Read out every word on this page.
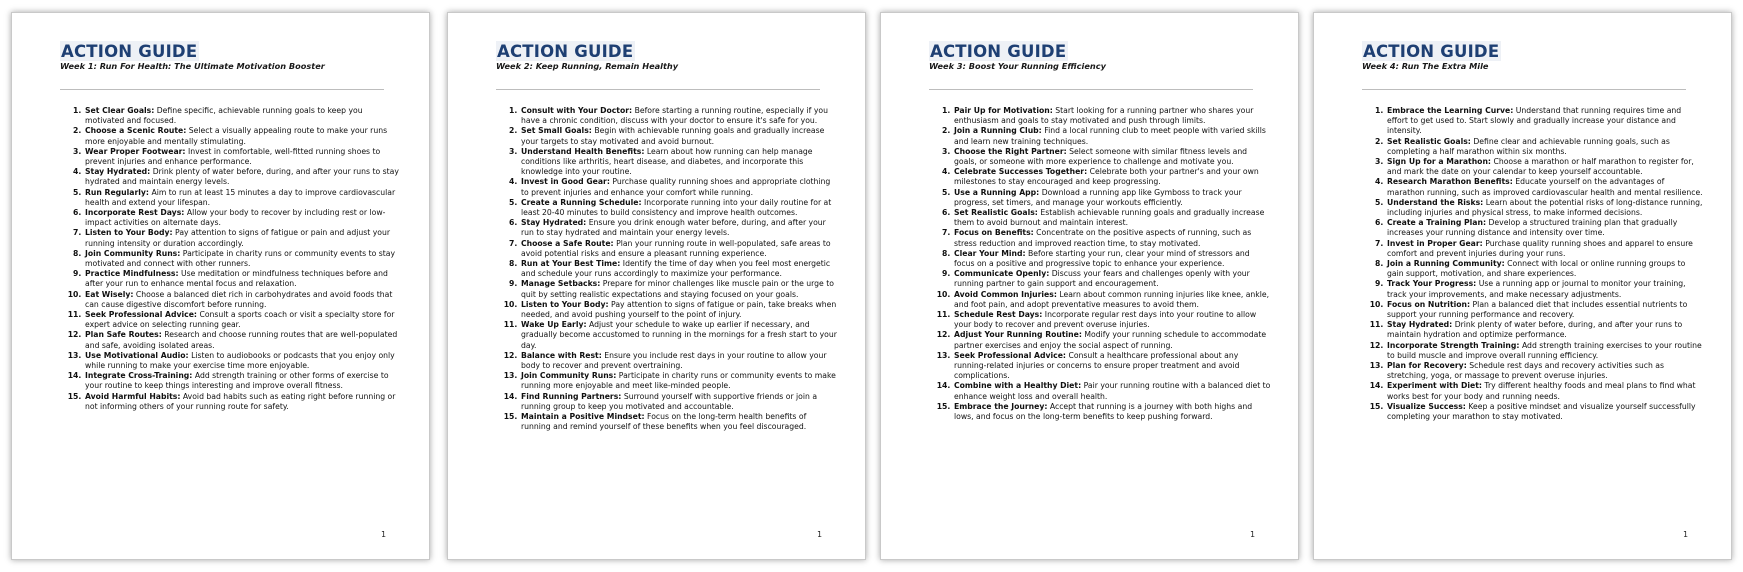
ACTION GUIDE
Week 1: Run For Health: The Ultimate Motivation Booster
1. Set Clear Goals: Define specific, achievable running goals to keep you motivated and focused.
2. Choose a Scenic Route: Select a visually appealing route to make your runs more enjoyable and mentally stimulating.
3. Wear Proper Footwear: Invest in comfortable, well-fitted running shoes to prevent injuries and enhance performance.
4. Stay Hydrated: Drink plenty of water before, during, and after your runs to stay hydrated and maintain energy levels.
5. Run Regularly: Aim to run at least 15 minutes a day to improve cardiovascular health and extend your lifespan.
6. Incorporate Rest Days: Allow your body to recover by including rest or low-impact activities on alternate days.
7. Listen to Your Body: Pay attention to signs of fatigue or pain and adjust your running intensity or duration accordingly.
8. Join Community Runs: Participate in charity runs or community events to stay motivated and connect with other runners.
9. Practice Mindfulness: Use meditation or mindfulness techniques before and after your run to enhance mental focus and relaxation.
10. Eat Wisely: Choose a balanced diet rich in carbohydrates and avoid foods that can cause digestive discomfort before running.
11. Seek Professional Advice: Consult a sports coach or visit a specialty store for expert advice on selecting running gear.
12. Plan Safe Routes: Research and choose running routes that are well-populated and safe, avoiding isolated areas.
13. Use Motivational Audio: Listen to audiobooks or podcasts that you enjoy only while running to make your exercise time more enjoyable.
14. Integrate Cross-Training: Add strength training or other forms of exercise to your routine to keep things interesting and improve overall fitness.
15. Avoid Harmful Habits: Avoid bad habits such as eating right before running or not informing others of your running route for safety.
1
ACTION GUIDE
Week 2: Keep Running, Remain Healthy
1. Consult with Your Doctor: Before starting a running routine, especially if you have a chronic condition, discuss with your doctor to ensure it's safe for you.
2. Set Small Goals: Begin with achievable running goals and gradually increase your targets to stay motivated and avoid burnout.
3. Understand Health Benefits: Learn about how running can help manage conditions like arthritis, heart disease, and diabetes, and incorporate this knowledge into your routine.
4. Invest in Good Gear: Purchase quality running shoes and appropriate clothing to prevent injuries and enhance your comfort while running.
5. Create a Running Schedule: Incorporate running into your daily routine for at least 20-40 minutes to build consistency and improve health outcomes.
6. Stay Hydrated: Ensure you drink enough water before, during, and after your run to stay hydrated and maintain your energy levels.
7. Choose a Safe Route: Plan your running route in well-populated, safe areas to avoid potential risks and ensure a pleasant running experience.
8. Run at Your Best Time: Identify the time of day when you feel most energetic and schedule your runs accordingly to maximize your performance.
9. Manage Setbacks: Prepare for minor challenges like muscle pain or the urge to quit by setting realistic expectations and staying focused on your goals.
10. Listen to Your Body: Pay attention to signs of fatigue or pain, take breaks when needed, and avoid pushing yourself to the point of injury.
11. Wake Up Early: Adjust your schedule to wake up earlier if necessary, and gradually become accustomed to running in the mornings for a fresh start to your day.
12. Balance with Rest: Ensure you include rest days in your routine to allow your body to recover and prevent overtraining.
13. Join Community Runs: Participate in charity runs or community events to make running more enjoyable and meet like-minded people.
14. Find Running Partners: Surround yourself with supportive friends or join a running group to keep you motivated and accountable.
15. Maintain a Positive Mindset: Focus on the long-term health benefits of running and remind yourself of these benefits when you feel discouraged.
1
ACTION GUIDE
Week 3: Boost Your Running Efficiency
1. Pair Up for Motivation: Start looking for a running partner who shares your enthusiasm and goals to stay motivated and push through limits.
2. Join a Running Club: Find a local running club to meet people with varied skills and learn new training techniques.
3. Choose the Right Partner: Select someone with similar fitness levels and goals, or someone with more experience to challenge and motivate you.
4. Celebrate Successes Together: Celebrate both your partner's and your own milestones to stay encouraged and keep progressing.
5. Use a Running App: Download a running app like Gymboss to track your progress, set timers, and manage your workouts efficiently.
6. Set Realistic Goals: Establish achievable running goals and gradually increase them to avoid burnout and maintain interest.
7. Focus on Benefits: Concentrate on the positive aspects of running, such as stress reduction and improved reaction time, to stay motivated.
8. Clear Your Mind: Before starting your run, clear your mind of stressors and focus on a positive and progressive topic to enhance your experience.
9. Communicate Openly: Discuss your fears and challenges openly with your running partner to gain support and encouragement.
10. Avoid Common Injuries: Learn about common running injuries like knee, ankle, and foot pain, and adopt preventative measures to avoid them.
11. Schedule Rest Days: Incorporate regular rest days into your routine to allow your body to recover and prevent overuse injuries.
12. Adjust Your Running Routine: Modify your running schedule to accommodate partner exercises and enjoy the social aspect of running.
13. Seek Professional Advice: Consult a healthcare professional about any running-related injuries or concerns to ensure proper treatment and avoid complications.
14. Combine with a Healthy Diet: Pair your running routine with a balanced diet to enhance weight loss and overall health.
15. Embrace the Journey: Accept that running is a journey with both highs and lows, and focus on the long-term benefits to keep pushing forward.
1
ACTION GUIDE
Week 4: Run The Extra Mile
1. Embrace the Learning Curve: Understand that running requires time and effort to get used to. Start slowly and gradually increase your distance and intensity.
2. Set Realistic Goals: Define clear and achievable running goals, such as completing a half marathon within six months.
3. Sign Up for a Marathon: Choose a marathon or half marathon to register for, and mark the date on your calendar to keep yourself accountable.
4. Research Marathon Benefits: Educate yourself on the advantages of marathon running, such as improved cardiovascular health and mental resilience.
5. Understand the Risks: Learn about the potential risks of long-distance running, including injuries and physical stress, to make informed decisions.
6. Create a Training Plan: Develop a structured training plan that gradually increases your running distance and intensity over time.
7. Invest in Proper Gear: Purchase quality running shoes and apparel to ensure comfort and prevent injuries during your runs.
8. Join a Running Community: Connect with local or online running groups to gain support, motivation, and share experiences.
9. Track Your Progress: Use a running app or journal to monitor your training, track your improvements, and make necessary adjustments.
10. Focus on Nutrition: Plan a balanced diet that includes essential nutrients to support your running performance and recovery.
11. Stay Hydrated: Drink plenty of water before, during, and after your runs to maintain hydration and optimize performance.
12. Incorporate Strength Training: Add strength training exercises to your routine to build muscle and improve overall running efficiency.
13. Plan for Recovery: Schedule rest days and recovery activities such as stretching, yoga, or massage to prevent overuse injuries.
14. Experiment with Diet: Try different healthy foods and meal plans to find what works best for your body and running needs.
15. Visualize Success: Keep a positive mindset and visualize yourself successfully completing your marathon to stay motivated.
1
